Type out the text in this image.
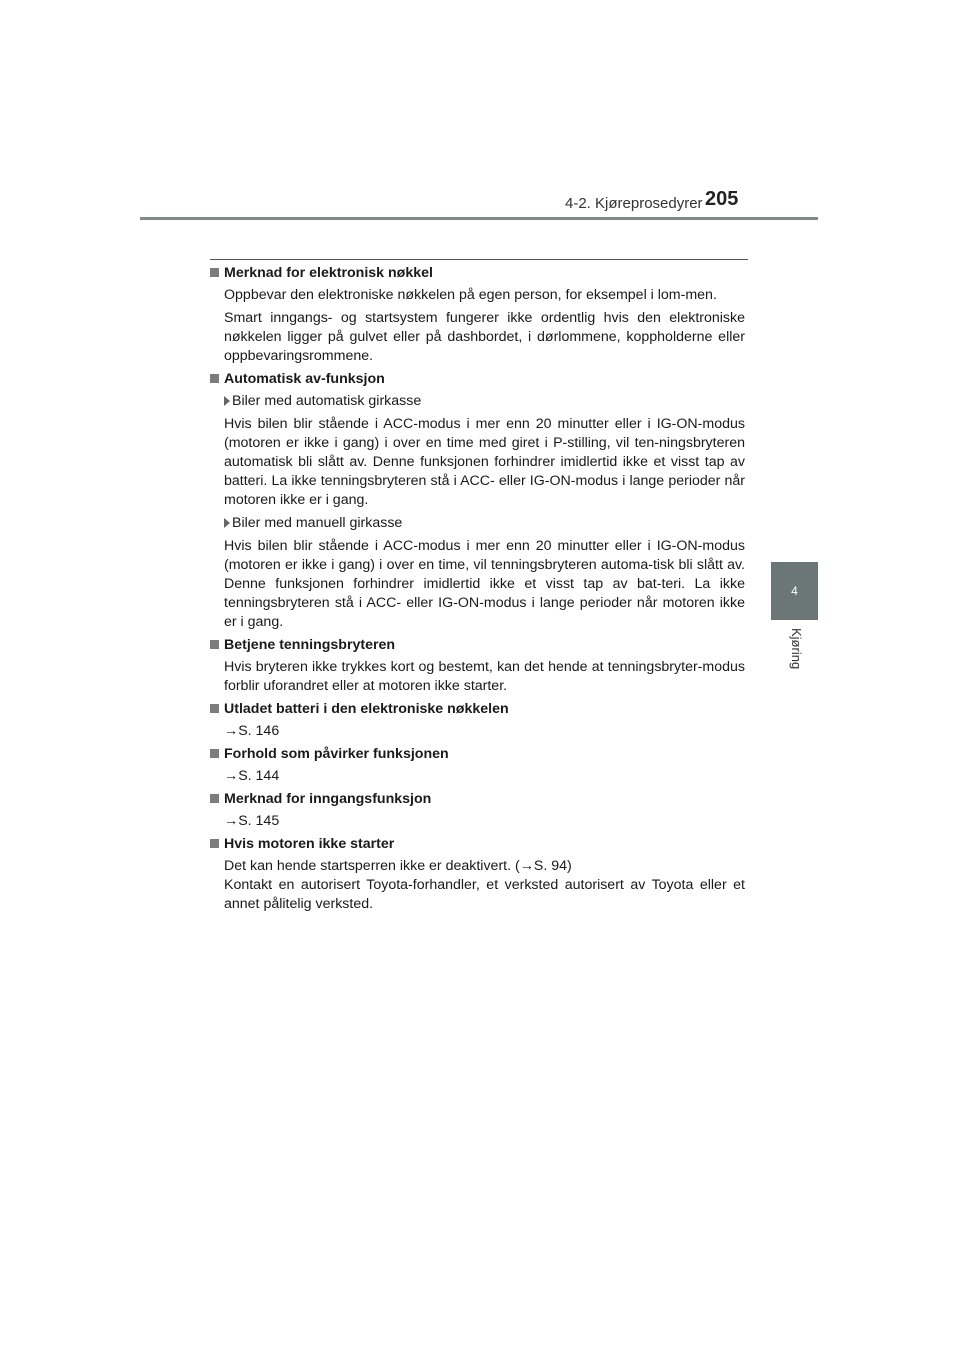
4-2. Kjøreprosedyrer 205
4
Kjøring
Merknad for elektronisk nøkkel
Oppbevar den elektroniske nøkkelen på egen person, for eksempel i lom-men.
Smart inngangs- og startsystem fungerer ikke ordentlig hvis den elektroniske nøkkelen ligger på gulvet eller på dashbordet, i dørlommene, koppholderne eller oppbevaringsrommene.
Automatisk av-funksjon
Biler med automatisk girkasse
Hvis bilen blir stående i ACC-modus i mer enn 20 minutter eller i IG-ON-modus (motoren er ikke i gang) i over en time med giret i P-stilling, vil ten-ningsbryteren automatisk bli slått av. Denne funksjonen forhindrer imidlertid ikke et visst tap av batteri. La ikke tenningsbryteren stå i ACC- eller IG-ON-modus i lange perioder når motoren ikke er i gang.
Biler med manuell girkasse
Hvis bilen blir stående i ACC-modus i mer enn 20 minutter eller i IG-ON-modus (motoren er ikke i gang) i over en time, vil tenningsbryteren automa-tisk bli slått av. Denne funksjonen forhindrer imidlertid ikke et visst tap av bat-teri. La ikke tenningsbryteren stå i ACC- eller IG-ON-modus i lange perioder når motoren ikke er i gang.
Betjene tenningsbryteren
Hvis bryteren ikke trykkes kort og bestemt, kan det hende at tenningsbryter-modus forblir uforandret eller at motoren ikke starter.
Utladet batteri i den elektroniske nøkkelen
→S. 146
Forhold som påvirker funksjonen
→S. 144
Merknad for inngangsfunksjon
→S. 145
Hvis motoren ikke starter
Det kan hende startsperren ikke er deaktivert. (→S. 94)
Kontakt en autorisert Toyota-forhandler, et verksted autorisert av Toyota eller et annet pålitelig verksted.
